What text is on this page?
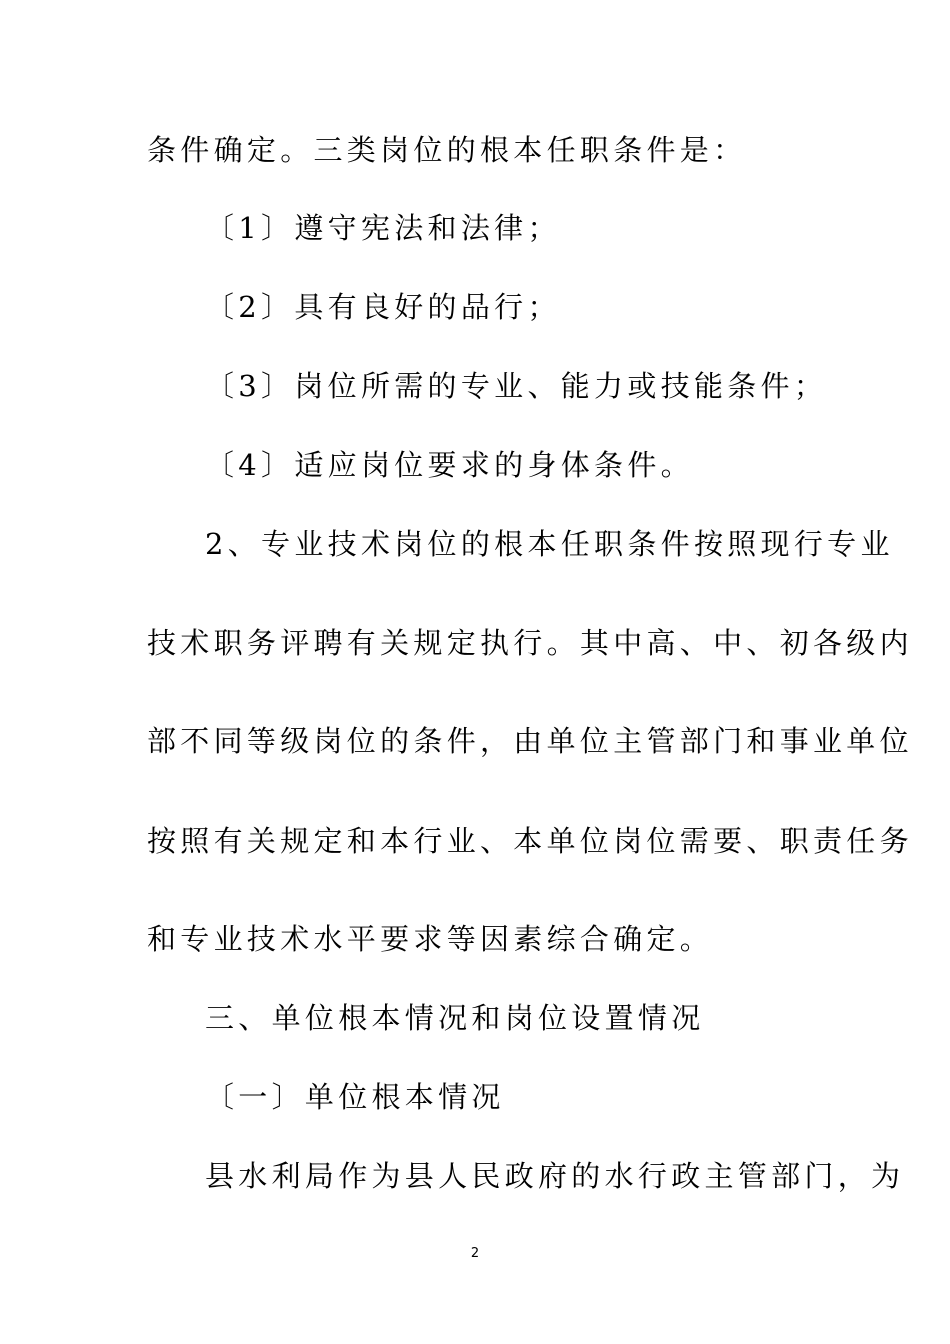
条件确定。三类岗位的根本任职条件是：
〔1〕遵守宪法和法律；
〔2〕具有良好的品行；
〔3〕岗位所需的专业、能力或技能条件；
〔4〕适应岗位要求的身体条件。
2、专业技术岗位的根本任职条件按照现行专业
技术职务评聘有关规定执行。其中高、中、初各级内
部不同等级岗位的条件，由单位主管部门和事业单位
按照有关规定和本行业、本单位岗位需要、职责任务
和专业技术水平要求等因素综合确定。
三、单位根本情况和岗位设置情况
〔一〕单位根本情况
县水利局作为县人民政府的水行政主管部门，为
2
